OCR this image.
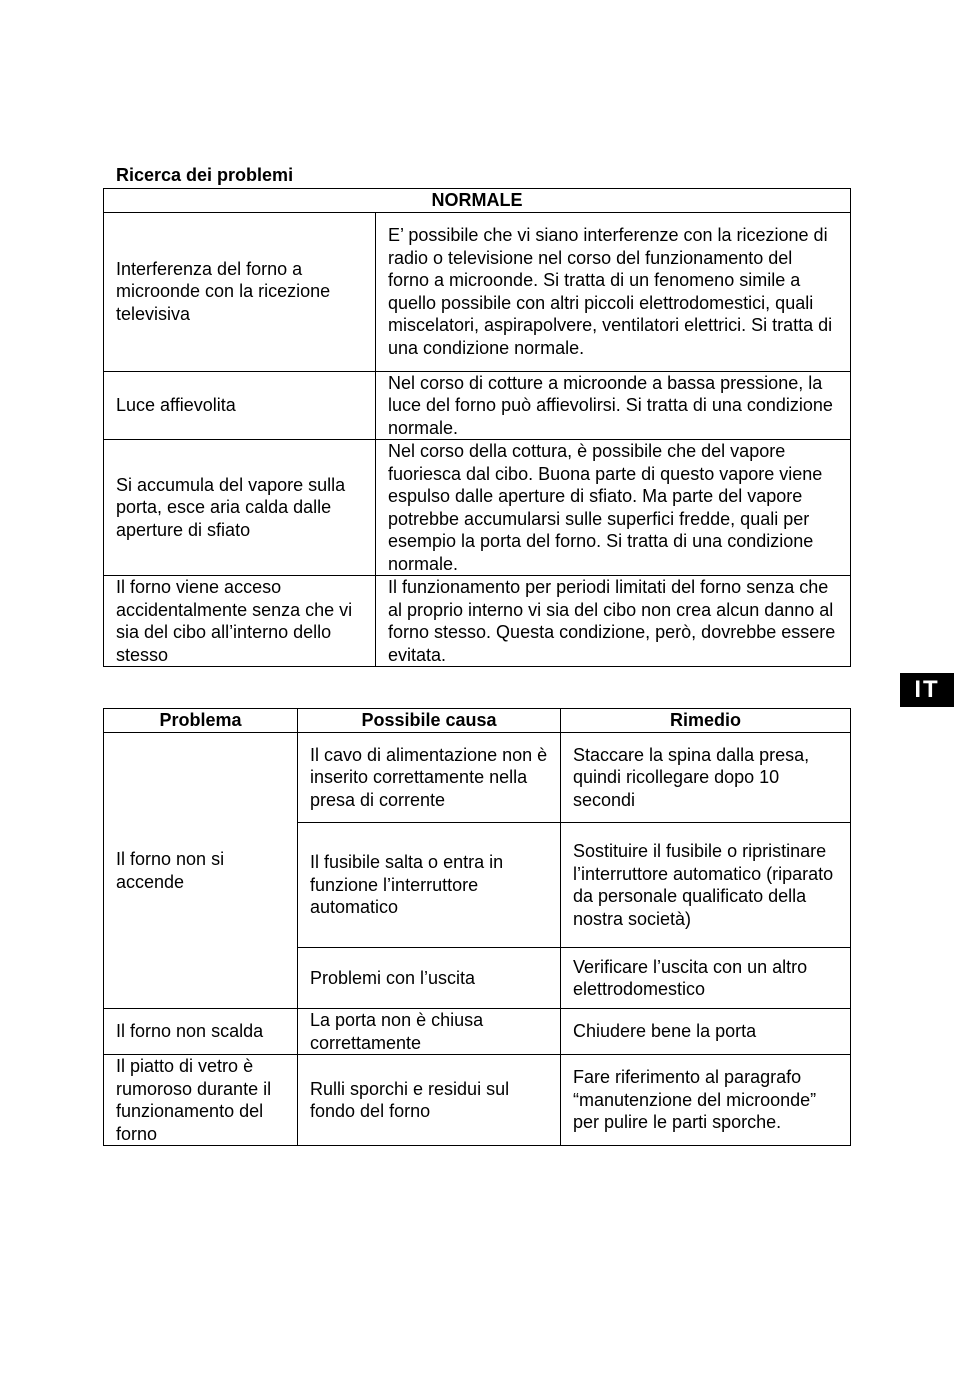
Ricerca dei problemi
NORMALE	
Interferenza del forno a microonde con la ricezione televisiva	E’ possibile che vi siano interferenze con la ricezione di radio o televisione nel corso del funzionamento del forno a microonde. Si tratta di un fenomeno simile a quello possibile con altri piccoli elettrodomestici, quali miscelatori, aspirapolvere, ventilatori elettrici. Si tratta di una condizione normale.
Luce affievolita	Nel corso di cotture a microonde a bassa pressione, la luce del forno può affievolirsi. Si tratta di una condizione normale.
Si accumula del vapore sulla porta, esce aria calda dalle aperture di sfiato	Nel corso della cottura, è possibile che del vapore fuoriesca dal cibo. Buona parte di questo vapore viene espulso dalle aperture di sfiato. Ma parte del vapore potrebbe accumularsi sulle superfici fredde, quali per esempio la porta del forno. Si tratta di una condizione normale.
Il forno viene acceso accidentalmente senza che vi sia del cibo all’interno dello stesso	Il funzionamento per periodi limitati del forno senza che al proprio interno vi sia del cibo non crea alcun danno al forno stesso. Questa condizione, però, dovrebbe essere evitata.
IT
Problema	Possibile causa	Rimedio
Il forno non si accende	Il cavo di alimentazione non è inserito correttamente nella presa di corrente	Staccare la spina dalla presa, quindi ricollegare dopo 10 secondi
	Il fusibile salta o entra in funzione l’interruttore automatico	Sostituire il fusibile o ripristinare l’interruttore automatico (riparato da personale qualificato della nostra società)
	Problemi con l’uscita	Verificare l’uscita con un altro elettrodomestico
Il forno non scalda	La porta non è chiusa correttamente	Chiudere bene la porta
Il piatto di vetro è rumoroso durante il funzionamento del forno	Rulli sporchi e residui sul fondo del forno	Fare riferimento al paragrafo “manutenzione del microonde” per pulire le parti sporche.
